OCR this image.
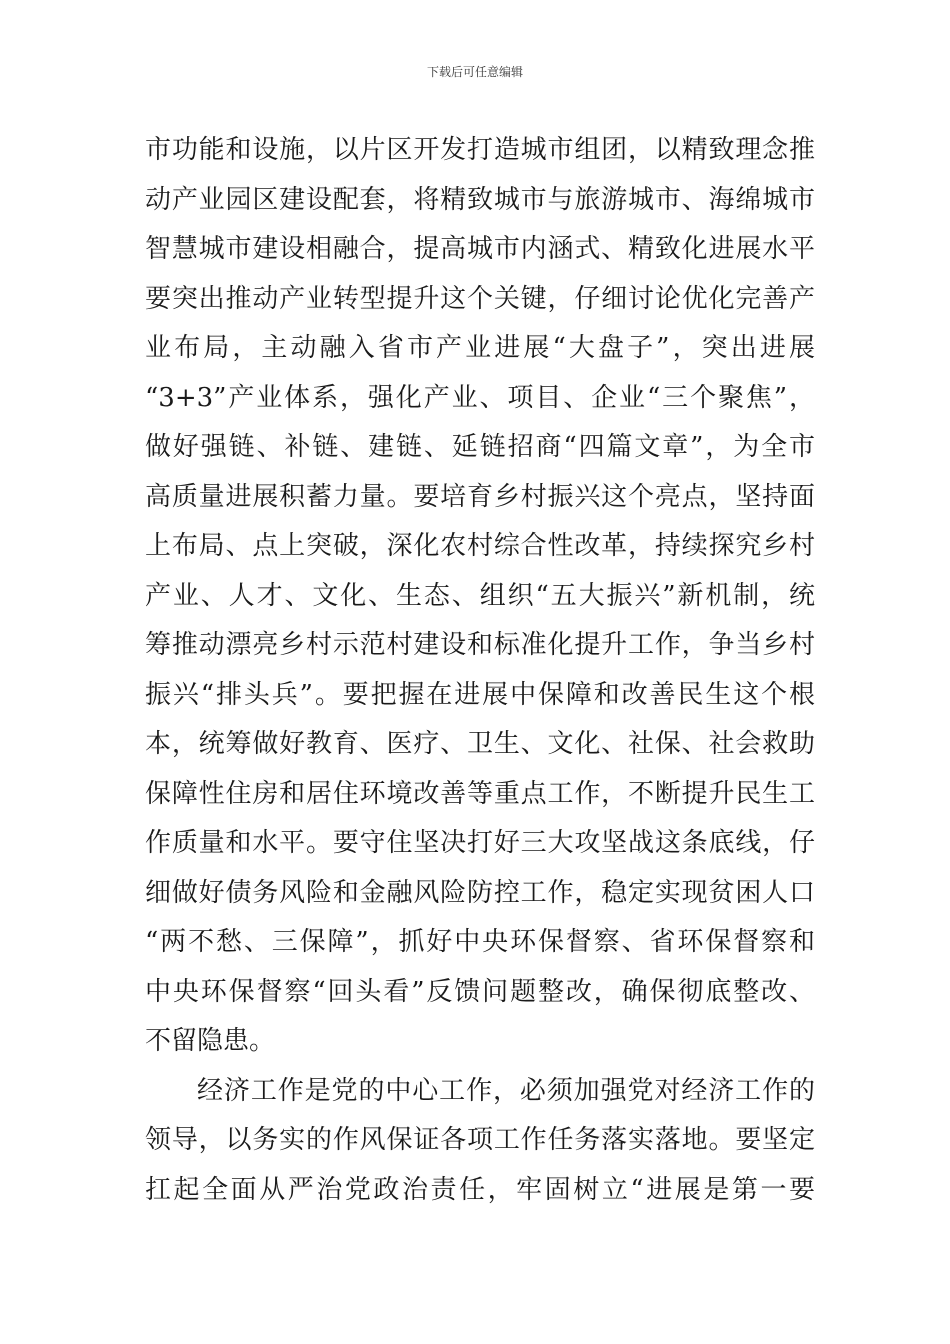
下载后可任意编辑
市功能和设施，以片区开发打造城市组团，以精致理念推
动产业园区建设配套，将精致城市与旅游城市、海绵城市
智慧城市建设相融合，提高城市内涵式、精致化进展水平
要突出推动产业转型提升这个关键，仔细讨论优化完善产
业布局，主动融入省市产业进展“大盘子”，突出进展
“3+3”产业体系，强化产业、项目、企业“三个聚焦”，
做好强链、补链、建链、延链招商“四篇文章”，为全市
高质量进展积蓄力量。要培育乡村振兴这个亮点，坚持面
上布局、点上突破，深化农村综合性改革，持续探究乡村
产业、人才、文化、生态、组织“五大振兴”新机制，统
筹推动漂亮乡村示范村建设和标准化提升工作，争当乡村
振兴“排头兵”。要把握在进展中保障和改善民生这个根
本，统筹做好教育、医疗、卫生、文化、社保、社会救助
保障性住房和居住环境改善等重点工作，不断提升民生工
作质量和水平。要守住坚决打好三大攻坚战这条底线，仔
细做好债务风险和金融风险防控工作，稳定实现贫困人口
“两不愁、三保障”，抓好中央环保督察、省环保督察和
中央环保督察“回头看”反馈问题整改，确保彻底整改、
不留隐患。
经济工作是党的中心工作，必须加强党对经济工作的
领导，以务实的作风保证各项工作任务落实落地。要坚定
扛起全面从严治党政治责任，牢固树立“进展是第一要
